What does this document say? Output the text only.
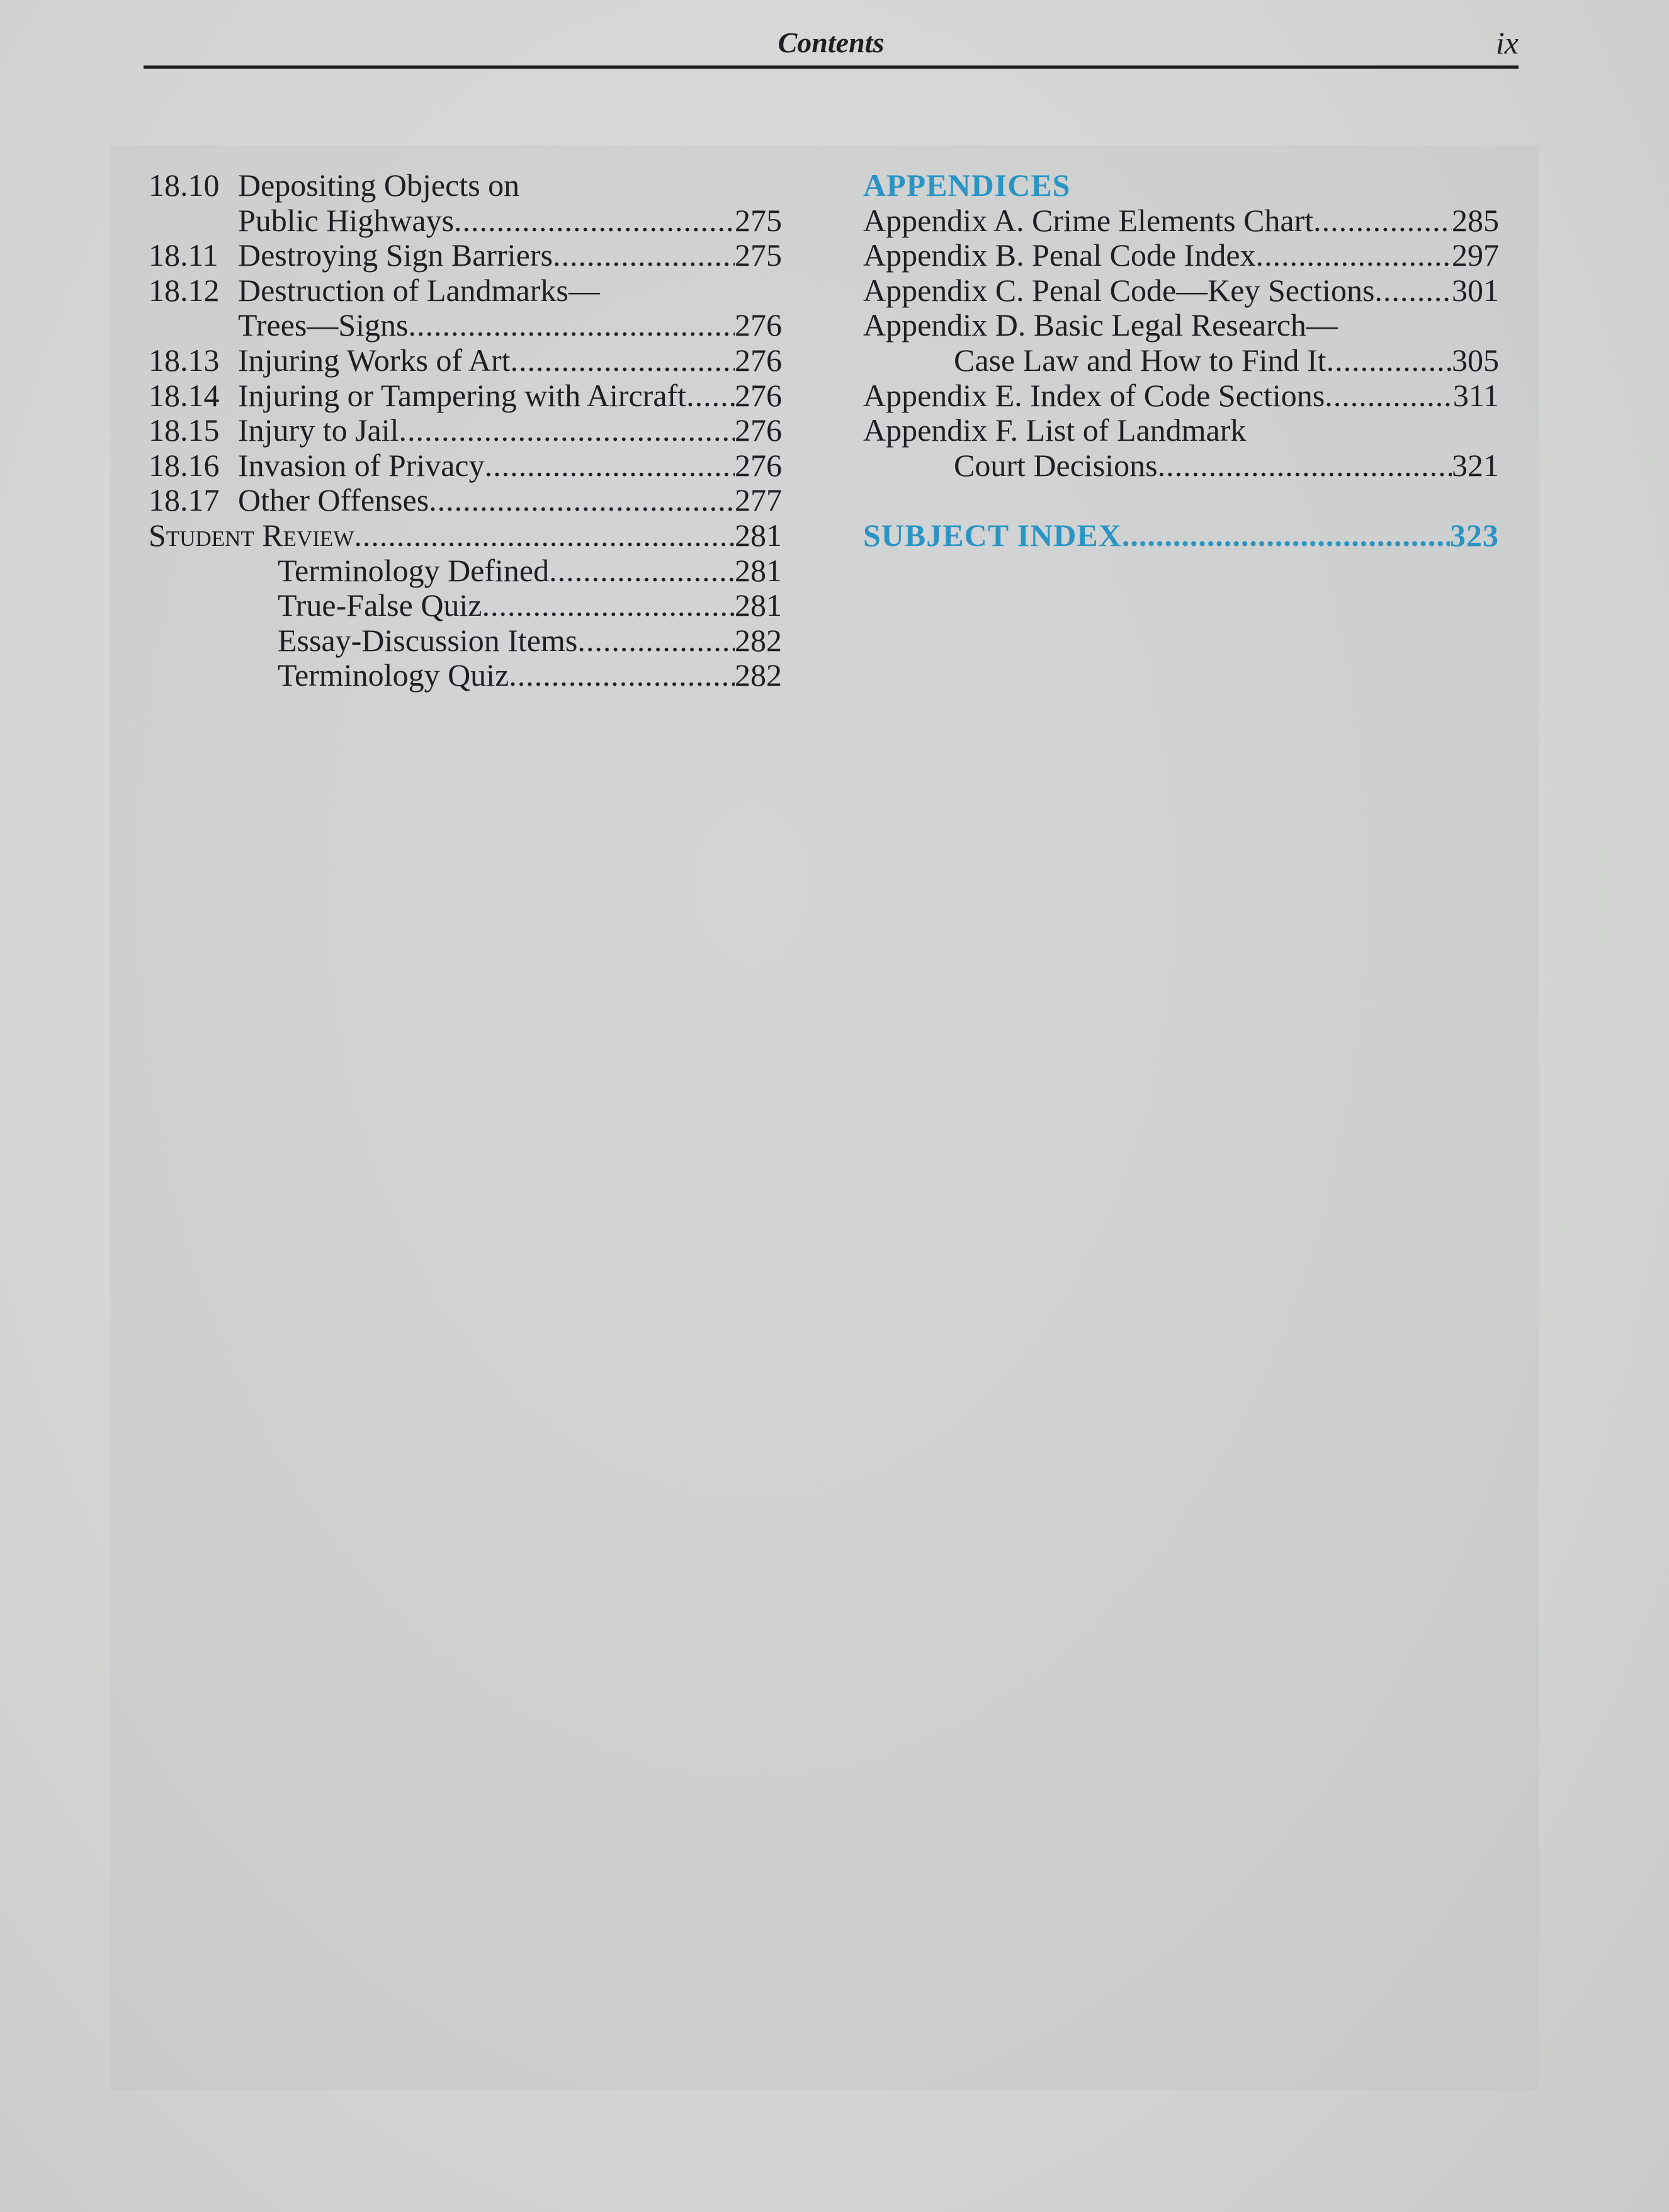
Contents	ix
18.10 Depositing Objects on
Public Highways .....	275
18.11 Destroying Sign Barriers .....	275
18.12 Destruction of Landmarks—
Trees—Signs .....	276
18.13 Injuring Works of Art .....	276
18.14 Injuring or Tampering with Aircraft ..... 276
18.15 Injury to Jail .....	276
18.16 Invasion of Privacy .....	276
18.17 Other Offenses .....	277
Student Review .....	281
Terminology Defined .....	281
True-False Quiz .....	281
Essay-Discussion Items .....	282
Terminology Quiz .....	282
APPENDICES
Appendix A. Crime Elements Chart .....	285
Appendix B. Penal Code Index .....	297
Appendix C. Penal Code—Key Sections ..... 301
Appendix D. Basic Legal Research—
Case Law and How to Find It .....	305
Appendix E. Index of Code Sections .....	311
Appendix F. List of Landmark
Court Decisions .....	321
SUBJECT INDEX .....	323
